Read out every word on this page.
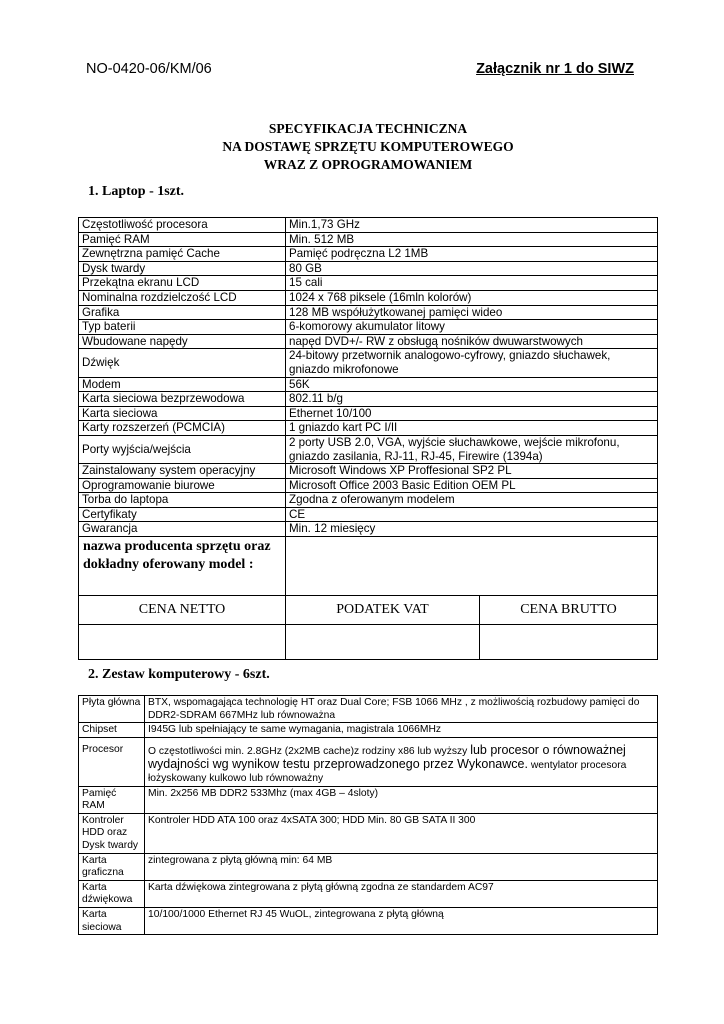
NO-0420-06/KM/06	Załącznik nr 1 do SIWZ
SPECYFIKACJA TECHNICZNA
NA DOSTAWĘ SPRZĘTU KOMPUTEROWEGO
WRAZ Z OPROGRAMOWANIEM
1. Laptop - 1szt.
Częstotliwość procesora	Min.1,73 GHz	
Pamięć RAM	Min. 512 MB	
Zewnętrzna pamięć Cache	Pamięć podręczna L2 1MB	
Dysk twardy	80 GB	
Przekątna ekranu LCD	15 cali	
Nominalna rozdzielczość LCD	1024 x 768 piksele (16mln kolorów)	
Grafika	128 MB współużytkowanej pamięci wideo	
Typ baterii	6-komorowy akumulator litowy	
Wbudowane napędy	napęd DVD+/- RW z obsługą nośników dwuwarstwowych	
Dźwięk	24-bitowy przetwornik analogowo-cyfrowy, gniazdo słuchawek, gniazdo mikrofonowe	
Modem	56K	
Karta sieciowa bezprzewodowa	802.11 b/g	
Karta sieciowa	Ethernet 10/100	
Karty rozszerzeń (PCMCIA)	1 gniazdo kart PC I/II	
Porty wyjścia/wejścia	2 porty USB 2.0, VGA, wyjście słuchawkowe, wejście mikrofonu, gniazdo zasilania, RJ-11, RJ-45, Firewire (1394a)	
Zainstalowany system operacyjny	Microsoft Windows XP Proffesional SP2 PL	
Oprogramowanie biurowe	Microsoft Office 2003 Basic Edition OEM PL	
Torba do laptopa	Zgodna z oferowanym modelem	
Certyfikaty	CE	
Gwarancja	Min. 12 miesięcy	
nazwa producenta sprzętu oraz dokładny oferowany model :		
CENA NETTO	PODATEK VAT	CENA BRUTTO

2. Zestaw komputerowy - 6szt.
Płyta główna	BTX, wspomagająca technologię HT oraz Dual Core; FSB 1066 MHz , z możliwością rozbudowy pamięci do DDR2-SDRAM 667MHz lub równoważna
Chipset	I945G lub spełniający te same wymagania, magistrala 1066MHz
Procesor	O częstotliwości min. 2.8GHz (2x2MB cache)z rodziny x86 lub wyższy lub procesor o równoważnej wydajności wg wynikow testu przeprowadzonego przez Wykonawce. wentylator procesora łożyskowany kulkowo lub równoważny
Pamięć RAM	Min. 2x256 MB DDR2 533Mhz (max 4GB – 4sloty)
Kontroler HDD oraz Dysk twardy	Kontroler HDD ATA 100 oraz 4xSATA 300; HDD Min. 80 GB SATA II 300
Karta graficzna	zintegrowana z płytą główną min: 64 MB
Karta dźwiękowa	Karta dźwiękowa zintegrowana z płytą główną zgodna ze standardem AC97
Karta sieciowa	10/100/1000 Ethernet RJ 45 WuOL, zintegrowana z płytą główną
